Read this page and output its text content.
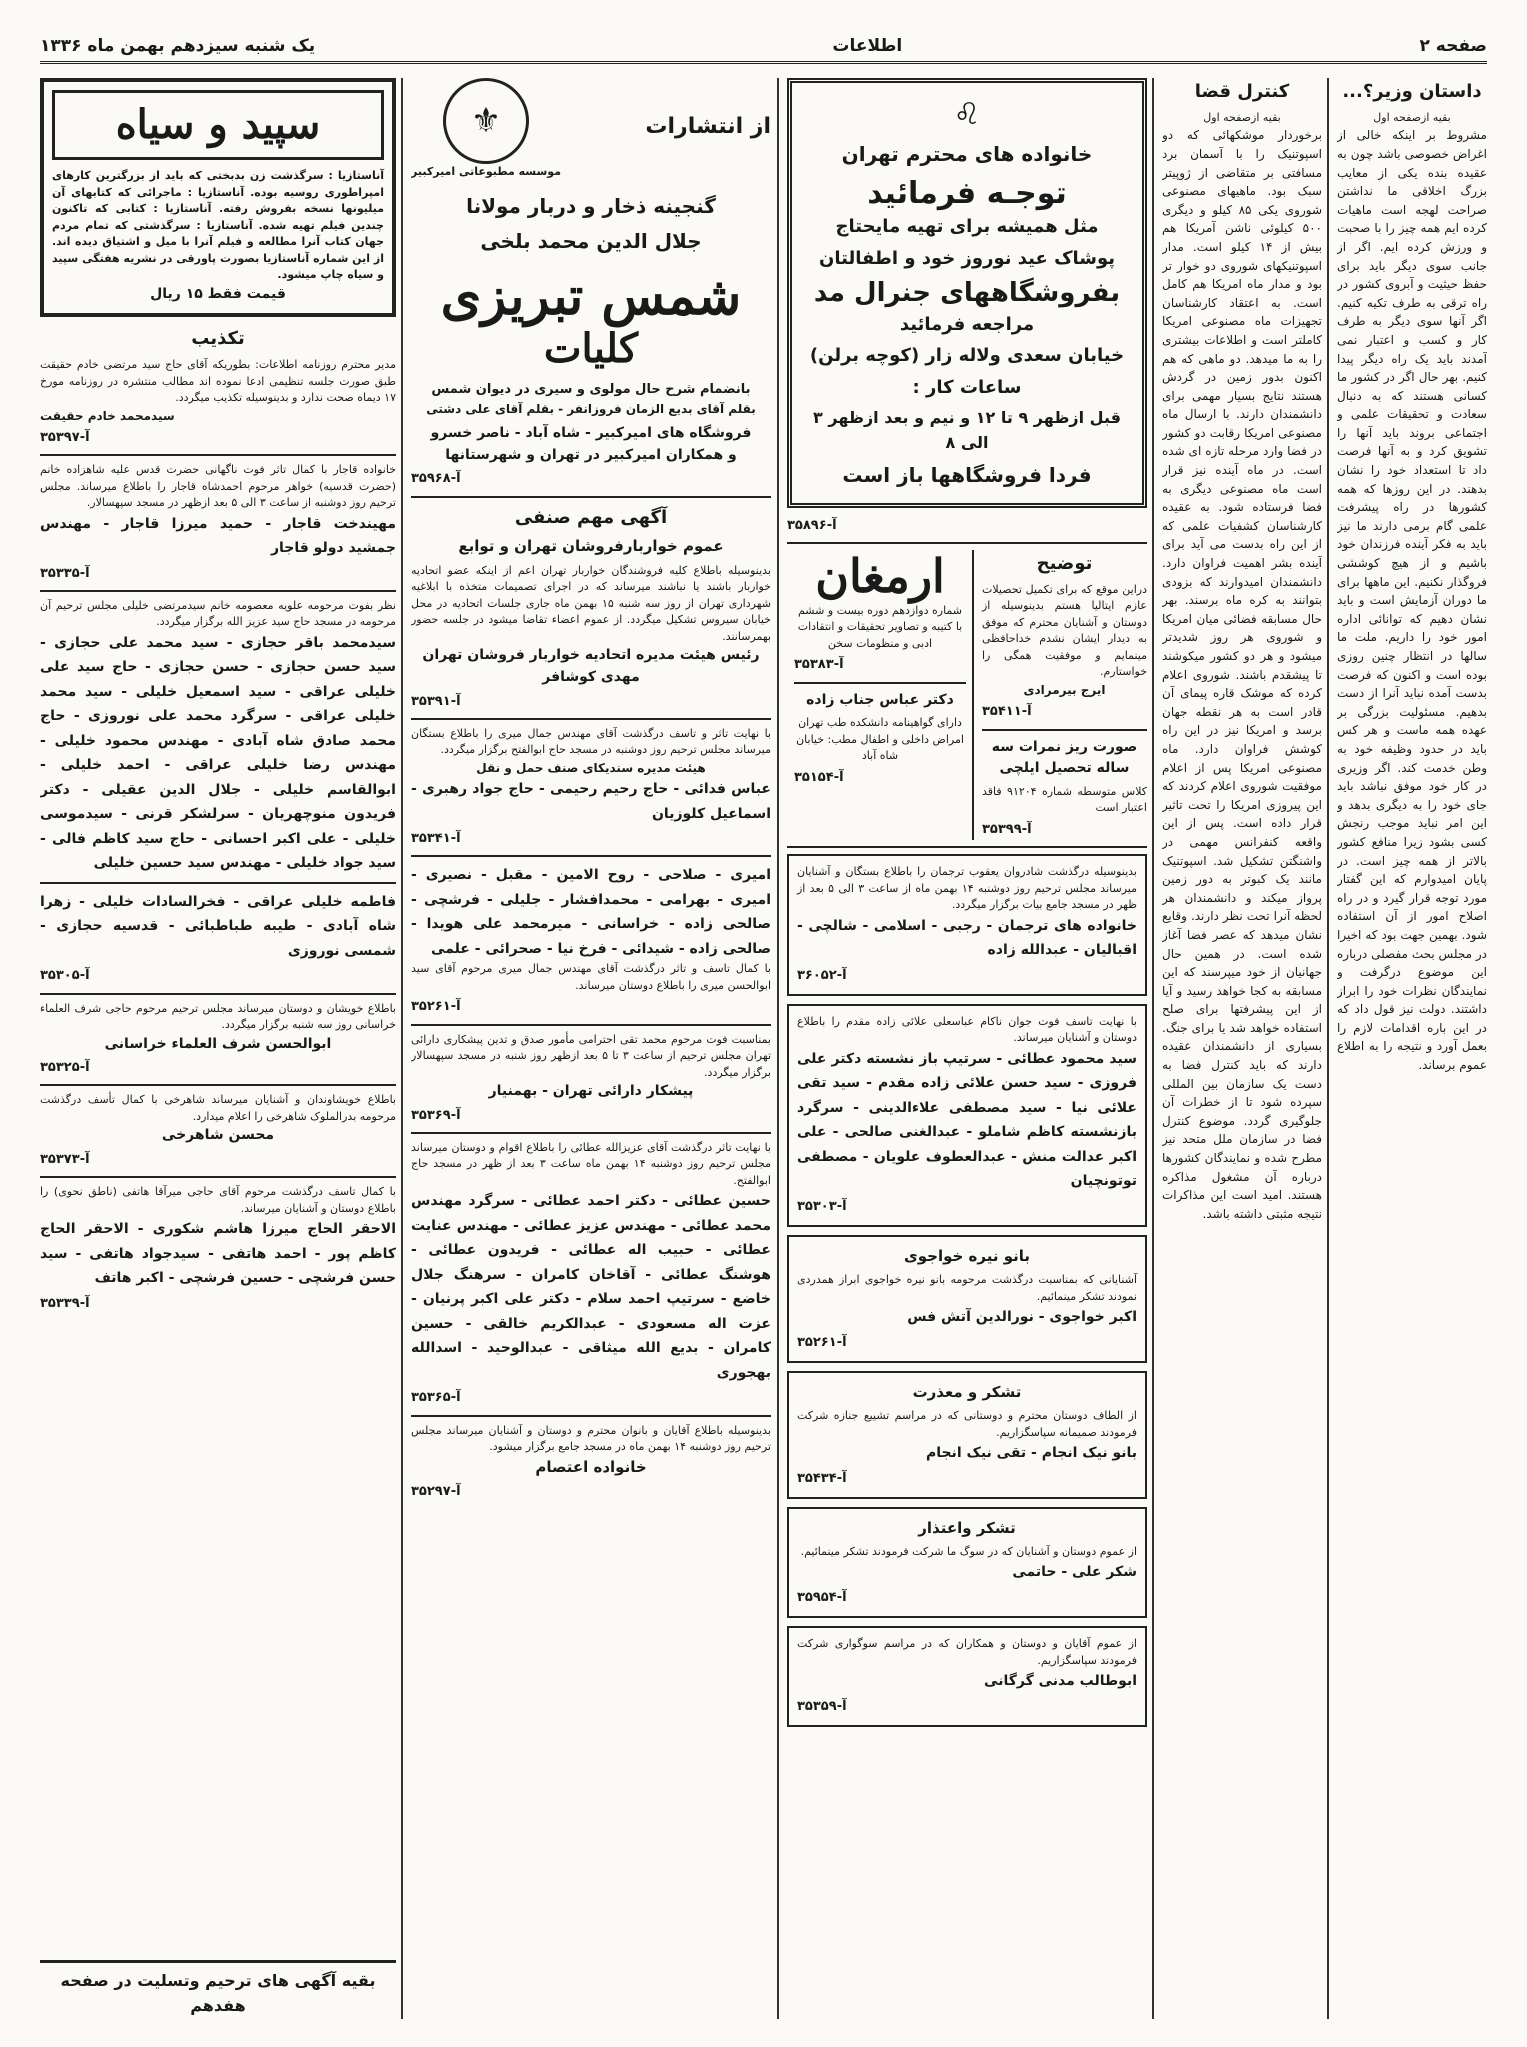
صفحه ۲
اطلاعات
یک شنبه سیزدهم بهمن ماه ۱۳۳۶
داستان وزیر؟...
بقیه ازصفحه اول
مشروط بر اینکه خالی از اغراض خصوصی باشد چون به عقیده بنده یکی از معایب بزرگ اخلاقی ما نداشتن صراحت لهجه است ماهیات کرده ایم همه چیز را با صحبت و ورزش کرده ایم. اگر از جانب سوی دیگر باید برای حفظ حیثیت و آبروی کشور در راه ترقی به طرف تکیه کنیم. اگر آنها سوی دیگر به طرف کار و کسب و اعتبار نمی آمدند باید یک راه دیگر پیدا کنیم. بهر حال اگر در کشور ما کسانی هستند که به دنبال سعادت و تحقیقات علمی و اجتماعی بروند باید آنها را تشویق کرد و به آنها فرصت داد تا استعداد خود را نشان بدهند. در این روزها که همه کشورها در راه پیشرفت علمی گام برمی دارند ما نیز باید به فکر آینده فرزندان خود باشیم و از هیچ کوششی فروگذار نکنیم. این ماهها برای ما دوران آزمایش است و باید نشان دهیم که توانائی اداره امور خود را داریم. ملت ما سالها در انتظار چنین روزی بوده است و اکنون که فرصت بدست آمده نباید آنرا از دست بدهیم. مسئولیت بزرگی بر عهده همه ماست و هر کس باید در حدود وظیفه خود به وطن خدمت کند. اگر وزیری در کار خود موفق نباشد باید جای خود را به دیگری بدهد و این امر نباید موجب رنجش کسی بشود زیرا منافع کشور بالاتر از همه چیز است. در پایان امیدوارم که این گفتار مورد توجه قرار گیرد و در راه اصلاح امور از آن استفاده شود. بهمین جهت بود که اخیرا در مجلس بحث مفصلی درباره این موضوع درگرفت و نمایندگان نظرات خود را ابراز داشتند. دولت نیز قول داد که در این باره اقدامات لازم را بعمل آورد و نتیجه را به اطلاع عموم برساند.
کنترل قضا
بقیه ازصفحه اول
برخوردار موشکهائی که دو اسپوتنیک را با آسمان برد مسافتی بر متقاضی از ژوپیتر سبک بود. ماهیهای مصنوعی شوروی یکی ۸۵ کیلو و دیگری ۵۰۰ کیلوئی ناشن آمریکا هم بیش از ۱۴ کیلو است. مدار اسپوتنیکهای شوروی دو خوار تر بود و مدار ماه امریکا هم کامل است. به اعتقاد کارشناسان تجهیزات ماه مصنوعی امریکا کاملتر است و اطلاعات بیشتری را به ما میدهد. دو ماهی که هم اکنون بدور زمین در گردش هستند نتایج بسیار مهمی برای دانشمندان دارند. با ارسال ماه مصنوعی امریکا رقابت دو کشور در فضا وارد مرحله تازه ای شده است. در ماه آینده نیز قرار است ماه مصنوعی دیگری به فضا فرستاده شود. به عقیده کارشناسان کشفیات علمی که از این راه بدست می آید برای آینده بشر اهمیت فراوان دارد. دانشمندان امیدوارند که بزودی بتوانند به کره ماه برسند. بهر حال مسابقه فضائی میان امریکا و شوروی هر روز شدیدتر میشود و هر دو کشور میکوشند تا پیشقدم باشند. شوروی اعلام کرده که موشک قاره پیمای آن قادر است به هر نقطه جهان برسد و امریکا نیز در این راه کوشش فراوان دارد. ماه مصنوعی امریکا پس از اعلام موفقیت شوروی اعلام کردند که این پیروزی امریکا را تحت تاثیر قرار داده است. پس از این واقعه کنفرانس مهمی در واشنگتن تشکیل شد. اسپوتنیک مانند یک کبوتر به دور زمین پرواز میکند و دانشمندان هر لحظه آنرا تحت نظر دارند. وقایع نشان میدهد که عصر فضا آغاز شده است. در همین حال جهانیان از خود میپرسند که این مسابقه به کجا خواهد رسید و آیا از این پیشرفتها برای صلح استفاده خواهد شد یا برای جنگ. بسیاری از دانشمندان عقیده دارند که باید کنترل فضا به دست یک سازمان بین المللی سپرده شود تا از خطرات آن جلوگیری گردد. موضوع کنترل فضا در سازمان ملل متحد نیز مطرح شده و نمایندگان کشورها درباره آن مشغول مذاکره هستند. امید است این مذاکرات نتیجه مثبتی داشته باشد.
♌
خانواده های محترم تهران
توجـه فرمائید
مثل همیشه برای تهیه مایحتاج
پوشاک عید نوروز خود و اطفالتان
بفروشگاههای جنرال مد
مراجعه فرمائید
خیابان سعدی ولاله زار (کوچه برلن)
ساعات کار :
قبل ازظهر ۹ تا ۱۲ و نیم و بعد ازظهر ۳ الی ۸
فردا فروشگاهها باز است
آ-۳۵۸۹۶
توضیح
دراین موقع که برای تکمیل تحصیلات عازم ایتالیا هستم بدینوسیله از دوستان و آشنایان محترم که موفق به دیدار ایشان نشدم خداحافظی مینمایم و موفقیت همگی را خواستارم.
ایرج بیرمرادی
آ-۳۵۴۱۱
صورت ریز نمرات سه ساله تحصیل ایلچی
کلاس متوسطه شماره ۹۱۲۰۴ فاقد اعتبار است
آ-۳۵۳۹۹
ارمغان
شماره دوازدهم دوره بیست و ششم با کتیبه و تصاویر تحقیقات و انتقادات ادبی و منظومات سخن
آ-۳۵۳۸۳
دکتر عباس جناب زاده
دارای گواهینامه دانشکده طب تهران امراض داخلی و اطفال مطب: خیابان شاه آباد
آ-۳۵۱۵۴
بدینوسیله درگذشت شادروان یعقوب ترجمان را باطلاع بستگان و آشنایان میرساند مجلس ترحیم روز دوشنبه ۱۴ بهمن ماه از ساعت ۳ الی ۵ بعد از ظهر در مسجد جامع بیات برگزار میگردد.
خانواده های ترجمان - رجبی - اسلامی - شالچی - اقبالیان - عبدالله زاده
آ-۳۶۰۵۲
با نهایت تاسف فوت جوان ناکام عباسعلی علائی زاده مقدم را باطلاع دوستان و آشنایان میرساند.
سید محمود عطائی - سرتیپ باز نشسته دکتر علی فروزی - سید حسن علائی زاده مقدم - سید تقی علائی نیا - سید مصطفی علاءالدینی - سرگرد بازنشسته کاظم شاملو - عبدالغنی صالحی - علی اکبر عدالت منش - عبدالعطوف علویان - مصطفی توتونچیان
آ-۳۵۳۰۳
بانو نیره خواجوی
آشنایانی که بمناسبت درگذشت مرحومه بانو نیره خواجوی ابراز همدردی نمودند تشکر مینمائیم.
اکبر خواجوی - نورالدین آتش فس
آ-۳۵۲۶۱
تشکر و معذرت
از الطاف دوستان محترم و دوستانی که در مراسم تشییع جنازه شرکت فرمودند صمیمانه سپاسگزاریم.
بانو نیک انجام - تقی نیک انجام
آ-۳۵۴۳۴
تشکر واعتذار
از عموم دوستان و آشنایان که در سوگ ما شرکت فرمودند تشکر مینمائیم.
شکر علی - حاتمی
آ-۳۵۹۵۴
از عموم آقایان و دوستان و همکاران که در مراسم سوگواری شرکت فرمودند سپاسگزاریم.
ابوطالب مدنی گرگانی
آ-۳۵۳۵۹
از انتشارات
⚜
موسسه مطبوعاتی امیرکبیر
گنجینه ذخار و دربار مولانا
جلال الدین محمد بلخی
شمس تبریزی
کلیات
بانضمام شرح حال مولوی و سیری در دیوان شمس
بقلم آقای بدیع الزمان فروزانفر - بقلم آقای علی دشتی
فروشگاه های امیرکبیر - شاه آباد - ناصر خسرو
و همکاران امیرکبیر در تهران و شهرستانها
آ-۳۵۹۶۸
آگهی مهم صنفی
عموم خواربارفروشان تهران و توابع
بدینوسیله باطلاع کلیه فروشندگان خواربار تهران اعم از اینکه عضو اتحادیه خواربار باشند یا نباشند میرساند که در اجرای تصمیمات متخذه با ابلاغیه شهرداری تهران از روز سه شنبه ۱۵ بهمن ماه جاری جلسات اتحادیه در محل خیابان سیروس تشکیل میگردد. از عموم اعضاء تقاضا میشود در جلسه حضور بهمرسانند.
رئیس هیئت مدیره اتحادیه خواربار فروشان تهران مهدی کوشافر
آ-۳۵۳۹۱
با نهایت تاثر و تاسف درگذشت آقای مهندس جمال میری را باطلاع بستگان میرساند مجلس ترحیم روز دوشنبه در مسجد حاج ابوالفتح برگزار میگردد.
هیئت مدیره سندیکای صنف حمل و نقل
عباس فدائی - حاج رحیم رحیمی - حاج جواد رهبری - اسماعیل کلوزیان
آ-۳۵۳۴۱
امیری - صلاحی - روح الامین - مقبل - نصیری - امیری - بهرامی - محمدافشار - جلیلی - فرشچی - صالحی زاده - خراسانی - میرمحمد علی هویدا - صالحی زاده - شیدائی - فرخ نیا - صحرائی - علمی
با کمال تاسف و تاثر درگذشت آقای مهندس جمال میری مرحوم آقای سید ابوالحسن میری را باطلاع دوستان میرساند.
آ-۳۵۲۶۱
بمناسبت فوت مرحوم محمد تقی احترامی مأمور صدق و تدین پیشکاری دارائی تهران مجلس ترحیم از ساعت ۳ تا ۵ بعد ازظهر روز شنبه در مسجد سپهسالار برگزار میگردد.
پیشکار دارائی تهران - بهمنیار
آ-۳۵۳۶۹
با نهایت تاثر درگذشت آقای عزیزالله عطائی را باطلاع اقوام و دوستان میرساند مجلس ترحیم روز دوشنبه ۱۴ بهمن ماه ساعت ۳ بعد از ظهر در مسجد حاج ابوالفتح.
حسین عطائی - دکتر احمد عطائی - سرگرد مهندس محمد عطائی - مهندس عزیز عطائی - مهندس عنایت عطائی - حبیب اله عطائی - فریدون عطائی - هوشنگ عطائی - آقاخان کامران - سرهنگ جلال خاضع - سرتیپ احمد سلام - دکتر علی اکبر پرنیان - عزت اله مسعودی - عبدالکریم خالقی - حسین کامران - بدیع الله میثاقی - عبدالوحید - اسدالله بهجوری
آ-۳۵۳۶۵
بدینوسیله باطلاع آقایان و بانوان محترم و دوستان و آشنایان میرساند مجلس ترحیم روز دوشنبه ۱۴ بهمن ماه در مسجد جامع برگزار میشود.
خانواده اعتصام
آ-۳۵۲۹۷
سپید و سیاه
آناستازیا : سرگذشت زن بدبختی که باید از بزرگترین کارهای امپراطوری روسیه بوده. آناستازیا : ماجرائی که کتابهای آن میلیونها نسخه بفروش رفته. آناستازیا : کتابی که تاکنون چندین فیلم تهیه شده. آناستازیا : سرگذشتی که تمام مردم جهان کتاب آنرا مطالعه و فیلم آنرا با میل و اشتیاق دیده اند. از این شماره آناستازیا بصورت پاورقی در نشریه هفتگی سپید و سیاه چاپ میشود.
قیمت فقط ۱۵ ریال
تکذیب
مدیر محترم روزنامه اطلاعات: بطوریکه آقای حاج سید مرتضی خادم حقیقت طبق صورت جلسه تنظیمی ادعا نموده اند مطالب منتشره در روزنامه مورخ ۱۷ دیماه صحت ندارد و بدینوسیله تکذیب میگردد.
سیدمحمد خادم حقیقت
آ-۳۵۳۹۷
خانواده قاجار با کمال تاثر فوت ناگهانی حضرت قدس علیه شاهزاده خانم (حضرت قدسیه) خواهر مرحوم احمدشاه قاجار را باطلاع میرساند. مجلس ترحیم روز دوشنبه از ساعت ۳ الی ۵ بعد ازظهر در مسجد سپهسالار.
مهیندخت قاجار - حمید میرزا قاجار - مهندس جمشید دولو قاجار
آ-۳۵۳۳۵
نظر بفوت مرحومه علویه معصومه خانم سیدمرتضی خلیلی مجلس ترحیم آن مرحومه در مسجد حاج سید عزیز الله برگزار میگردد.
سیدمحمد باقر حجازی - سید محمد علی حجازی - سید حسن حجازی - حسن حجازی - حاج سید علی خلیلی عراقی - سید اسمعیل خلیلی - سید محمد خلیلی عراقی - سرگرد محمد علی نوروزی - حاج محمد صادق شاه آبادی - مهندس محمود خلیلی - مهندس رضا خلیلی عراقی - احمد خلیلی - ابوالقاسم خلیلی - جلال الدین عقیلی - دکتر فریدون منوچهریان - سرلشکر قرنی - سیدموسی خلیلی - علی اکبر احسانی - حاج سید کاظم فالی - سید جواد خلیلی - مهندس سید حسین خلیلی
فاطمه خلیلی عراقی - فخرالسادات خلیلی - زهرا شاه آبادی - طیبه طباطبائی - قدسیه حجازی - شمسی نوروزی
آ-۳۵۳۰۵
باطلاع خویشان و دوستان میرساند مجلس ترحیم مرحوم حاجی شرف العلماء خراسانی روز سه شنبه برگزار میگردد.
ابوالحسن شرف العلماء خراسانی
آ-۳۵۳۲۵
باطلاع خویشاوندان و آشنایان میرساند شاهرخی با کمال تأسف درگذشت مرحومه بدرالملوک شاهرخی را اعلام میدارد.
محسن شاهرخی
آ-۳۵۳۷۳
با کمال تاسف درگذشت مرحوم آقای حاجی میرآقا هاتفی (ناطق نحوی) را باطلاع دوستان و آشنایان میرساند.
الاحقر الحاج میرزا هاشم شکوری - الاحقر الحاج کاظم پور - احمد هاتفی - سیدجواد هاتفی - سید حسن فرشچی - حسین فرشچی - اکبر هاتف
آ-۳۵۳۳۹
بقیه آگهی های ترحیم وتسلیت در صفحه هفدهم
